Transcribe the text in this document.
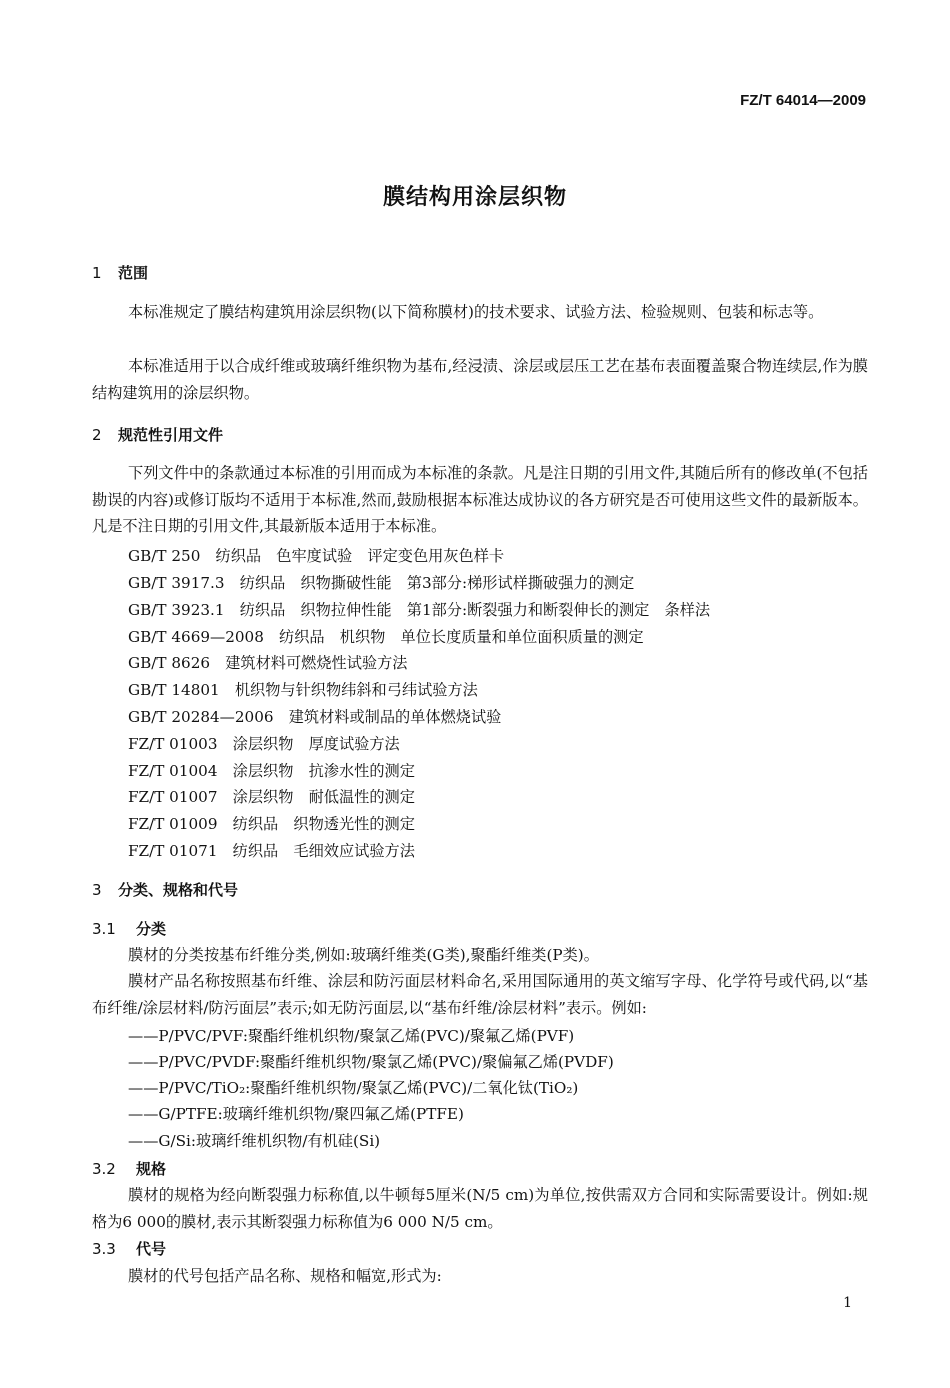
FZ/T 64014—2009
膜结构用涂层织物
1 范围
本标准规定了膜结构建筑用涂层织物(以下简称膜材)的技术要求、试验方法、检验规则、包装和标志等。
本标准适用于以合成纤维或玻璃纤维织物为基布,经浸渍、涂层或层压工艺在基布表面覆盖聚合物连续层,作为膜结构建筑用的涂层织物。
2 规范性引用文件
下列文件中的条款通过本标准的引用而成为本标准的条款。凡是注日期的引用文件,其随后所有的修改单(不包括勘误的内容)或修订版均不适用于本标准,然而,鼓励根据本标准达成协议的各方研究是否可使用这些文件的最新版本。凡是不注日期的引用文件,其最新版本适用于本标准。
GB/T 250　纺织品　色牢度试验　评定变色用灰色样卡
GB/T 3917.3　纺织品　织物撕破性能　第3部分:梯形试样撕破强力的测定
GB/T 3923.1　纺织品　织物拉伸性能　第1部分:断裂强力和断裂伸长的测定　条样法
GB/T 4669—2008　纺织品　机织物　单位长度质量和单位面积质量的测定
GB/T 8626　建筑材料可燃烧性试验方法
GB/T 14801　机织物与针织物纬斜和弓纬试验方法
GB/T 20284—2006　建筑材料或制品的单体燃烧试验
FZ/T 01003　涂层织物　厚度试验方法
FZ/T 01004　涂层织物　抗渗水性的测定
FZ/T 01007　涂层织物　耐低温性的测定
FZ/T 01009　纺织品　织物透光性的测定
FZ/T 01071　纺织品　毛细效应试验方法
3 分类、规格和代号
3.1 分类
膜材的分类按基布纤维分类,例如:玻璃纤维类(G类),聚酯纤维类(P类)。
膜材产品名称按照基布纤维、涂层和防污面层材料命名,采用国际通用的英文缩写字母、化学符号或代码,以“基布纤维/涂层材料/防污面层”表示;如无防污面层,以“基布纤维/涂层材料”表示。例如:
——P/PVC/PVF:聚酯纤维机织物/聚氯乙烯(PVC)/聚氟乙烯(PVF)
——P/PVC/PVDF:聚酯纤维机织物/聚氯乙烯(PVC)/聚偏氟乙烯(PVDF)
——P/PVC/TiO₂:聚酯纤维机织物/聚氯乙烯(PVC)/二氧化钛(TiO₂)
——G/PTFE:玻璃纤维机织物/聚四氟乙烯(PTFE)
——G/Si:玻璃纤维机织物/有机硅(Si)
3.2 规格
膜材的规格为经向断裂强力标称值,以牛顿每5厘米(N/5 cm)为单位,按供需双方合同和实际需要设计。例如:规格为6 000的膜材,表示其断裂强力标称值为6 000 N/5 cm。
3.3 代号
膜材的代号包括产品名称、规格和幅宽,形式为:
1
